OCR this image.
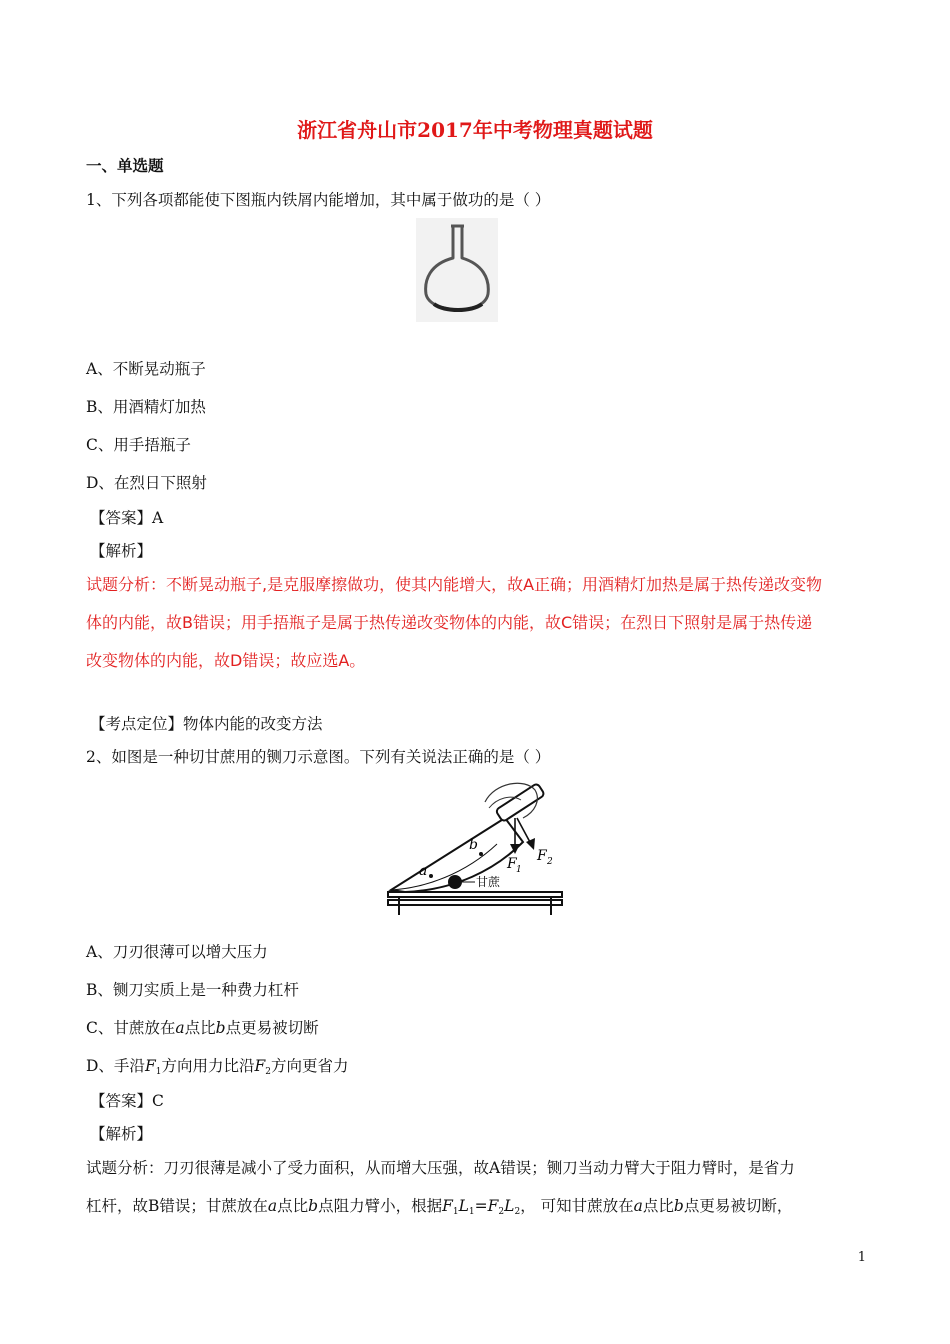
浙江省舟山市2017年中考物理真题试题
一、单选题
1、下列各项都能使下图瓶内铁屑内能增加，其中属于做功的是（ ）
A、不断晃动瓶子
B、用酒精灯加热
C、用手捂瓶子
D、在烈日下照射
【答案】A
【解析】
试题分析：不断晃动瓶子,是克服摩擦做功，使其内能增大，故A正确；用酒精灯加热是属于热传递改变物
体的内能，故B错误；用手捂瓶子是属于热传递改变物体的内能，故C错误；在烈日下照射是属于热传递
改变物体的内能，故D错误；故应选A。
【考点定位】物体内能的改变方法
2、如图是一种切甘蔗用的铡刀示意图。下列有关说法正确的是（ ）
a
b
F 1
F 2
甘蔗
A、刀刃很薄可以增大压力
B、铡刀实质上是一种费力杠杆
C、甘蔗放在a点比b点更易被切断
D、手沿$F_1$方向用力比沿$F_2$方向更省力
【答案】C
【解析】
试题分析：刀刃很薄是减小了受力面积，从而增大压强，故A错误；铡刀当动力臂大于阻力臂时，是省力
杠杆，故B错误；甘蔗放在a点比b点阻力臂小，根据$F_1L_1=F_2L_2$， 可知甘蔗放在a点比b点更易被切断，
1
